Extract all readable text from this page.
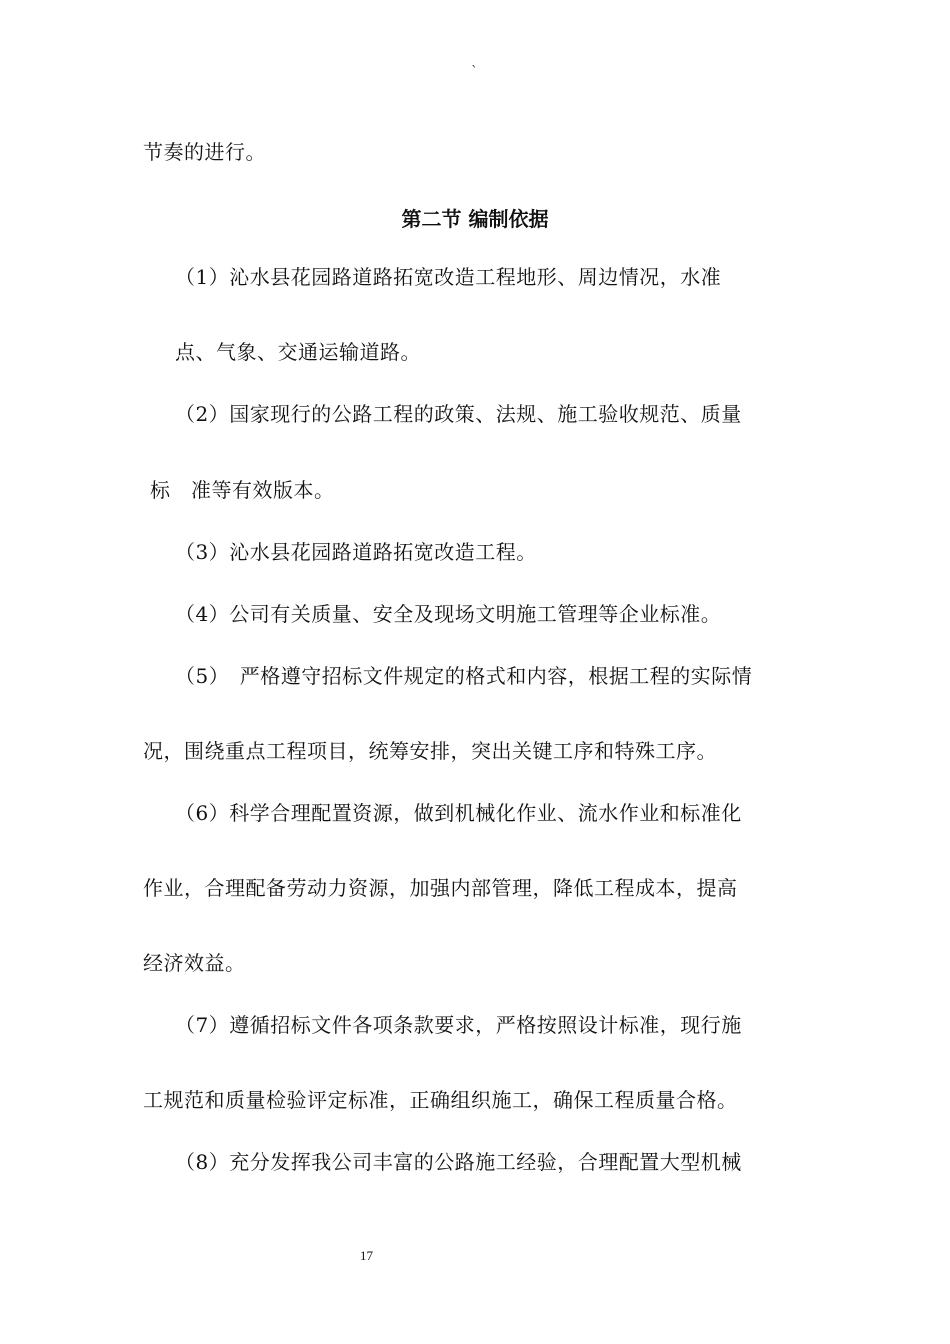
`
节奏的进行。
第二节 编制依据
（1）沁水县花园路道路拓宽改造工程地形、周边情况，水准
点、气象、交通运输道路。
（2）国家现行的公路工程的政策、法规、施工验收规范、质量
标　准等有效版本。
（3）沁水县花园路道路拓宽改造工程。
（4）公司有关质量、安全及现场文明施工管理等企业标准。
（5）　严格遵守招标文件规定的格式和内容，根据工程的实际情
况，围绕重点工程项目，统筹安排，突出关键工序和特殊工序。
（6）科学合理配置资源，做到机械化作业、流水作业和标准化
作业，合理配备劳动力资源，加强内部管理，降低工程成本，提高
经济效益。
（7）遵循招标文件各项条款要求，严格按照设计标准，现行施
工规范和质量检验评定标准，正确组织施工，确保工程质量合格。
（8）充分发挥我公司丰富的公路施工经验，合理配置大型机械
17
